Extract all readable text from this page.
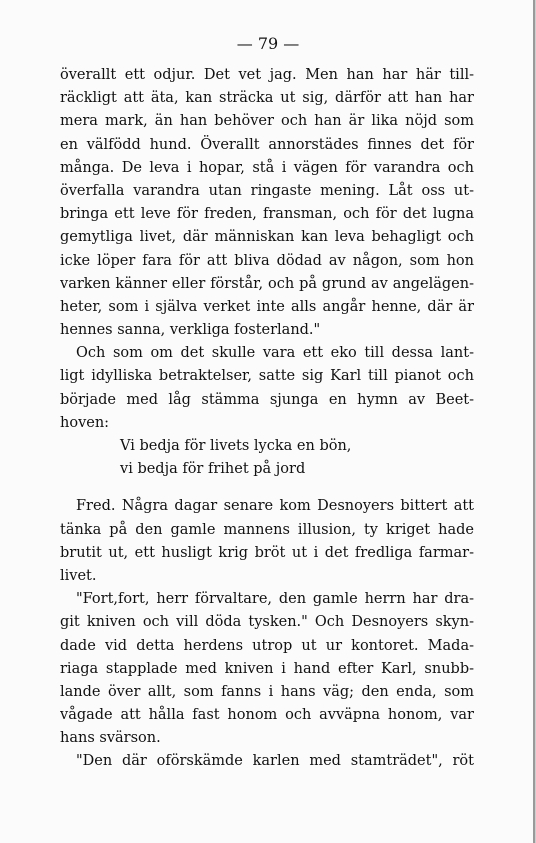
— 79 —
överallt ett odjur. Det vet jag. Men han har här till-
räckligt att äta, kan sträcka ut sig, därför att han har
mera mark, än han behöver och han är lika nöjd som
en välfödd hund. Överallt annorstädes finnes det för
många. De leva i hopar, stå i vägen för varandra och
överfalla varandra utan ringaste mening. Låt oss ut-
bringa ett leve för freden, fransman, och för det lugna
gemytliga livet, där människan kan leva behagligt och
icke löper fara för att bliva dödad av någon, som hon
varken känner eller förstår, och på grund av angelägen-
heter, som i själva verket inte alls angår henne, där är
hennes sanna, verkliga fosterland."
Och som om det skulle vara ett eko till dessa lant-
ligt idylliska betraktelser, satte sig Karl till pianot och
började med låg stämma sjunga en hymn av Beet-
hoven:
Vi bedja för livets lycka en bön,
vi bedja för frihet på jord
Fred. Några dagar senare kom Desnoyers bittert att
tänka på den gamle mannens illusion, ty kriget hade
brutit ut, ett husligt krig bröt ut i det fredliga farmar-
livet.
"Fort,fort, herr förvaltare, den gamle herrn har dra-
git kniven och vill döda tysken." Och Desnoyers skyn-
dade vid detta herdens utrop ut ur kontoret. Mada-
riaga stapplade med kniven i hand efter Karl, snubb-
lande över allt, som fanns i hans väg; den enda, som
vågade att hålla fast honom och avväpna honom, var
hans svärson.
"Den där oförskämde karlen med stamträdet", röt
